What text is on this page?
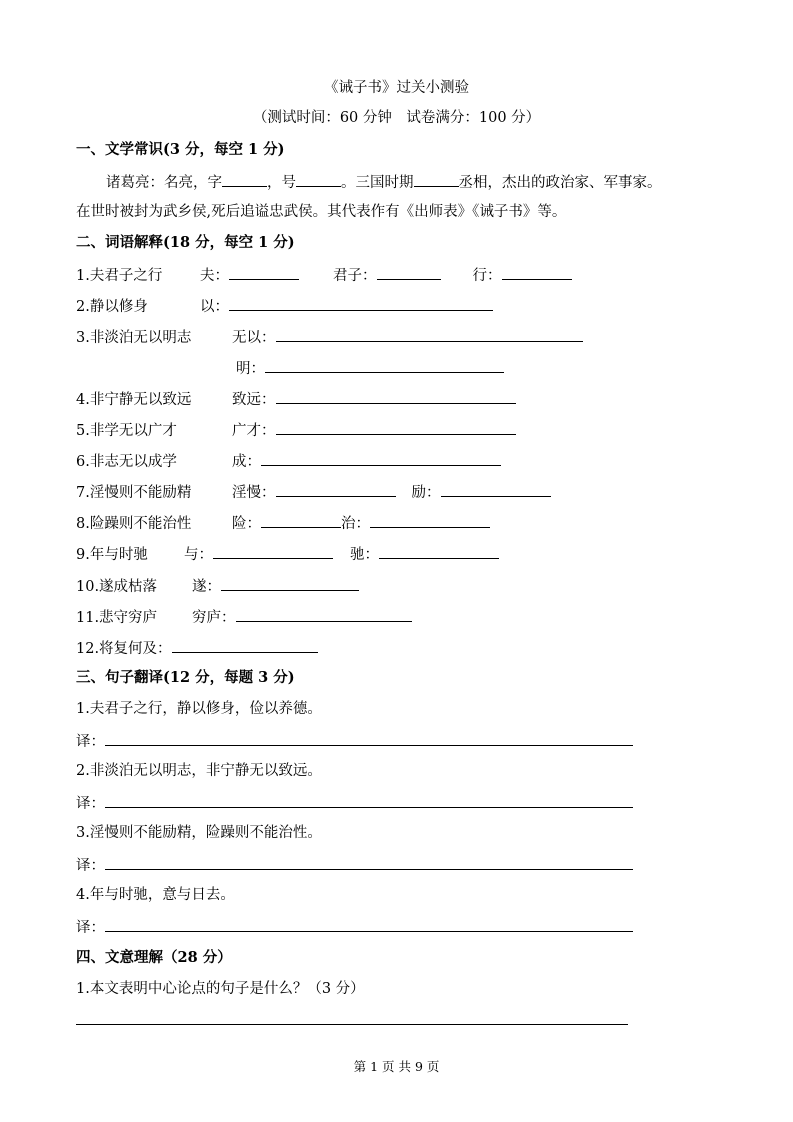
《诫子书》过关小测验
（测试时间：60 分钟　试卷满分：100 分）
一、文学常识(3 分，每空 1 分)
诸葛亮：名亮，字	，号	。三国时期	丞相，杰出的政治家、军事家。
在世时被封为武乡侯,死后追谥忠武侯。其代表作有《出师表》《诫子书》等。
二、词语解释(18 分，每空 1 分)
1.夫君子之行	夫：	君子：	行：
2.静以修身	以：
3.非淡泊无以明志	无以：
明：
4.非宁静无以致远	致远：
5.非学无以广才	广才：
6.非志无以成学	成：
7.淫慢则不能励精	淫慢：	励：
8.险躁则不能治性	险：	治：
9.年与时驰 与：	驰：
10.遂成枯落 遂：
11.悲守穷庐 穷庐：
12.将复何及：
三、句子翻译(12 分，每题 3 分)
1.夫君子之行，静以修身，俭以养德。
译：
2.非淡泊无以明志，非宁静无以致远。
译：
3.淫慢则不能励精，险躁则不能治性。
译：
4.年与时驰，意与日去。
译：
四、文意理解（28 分）
1.本文表明中心论点的句子是什么？（3 分）
第 1 页 共 9 页
